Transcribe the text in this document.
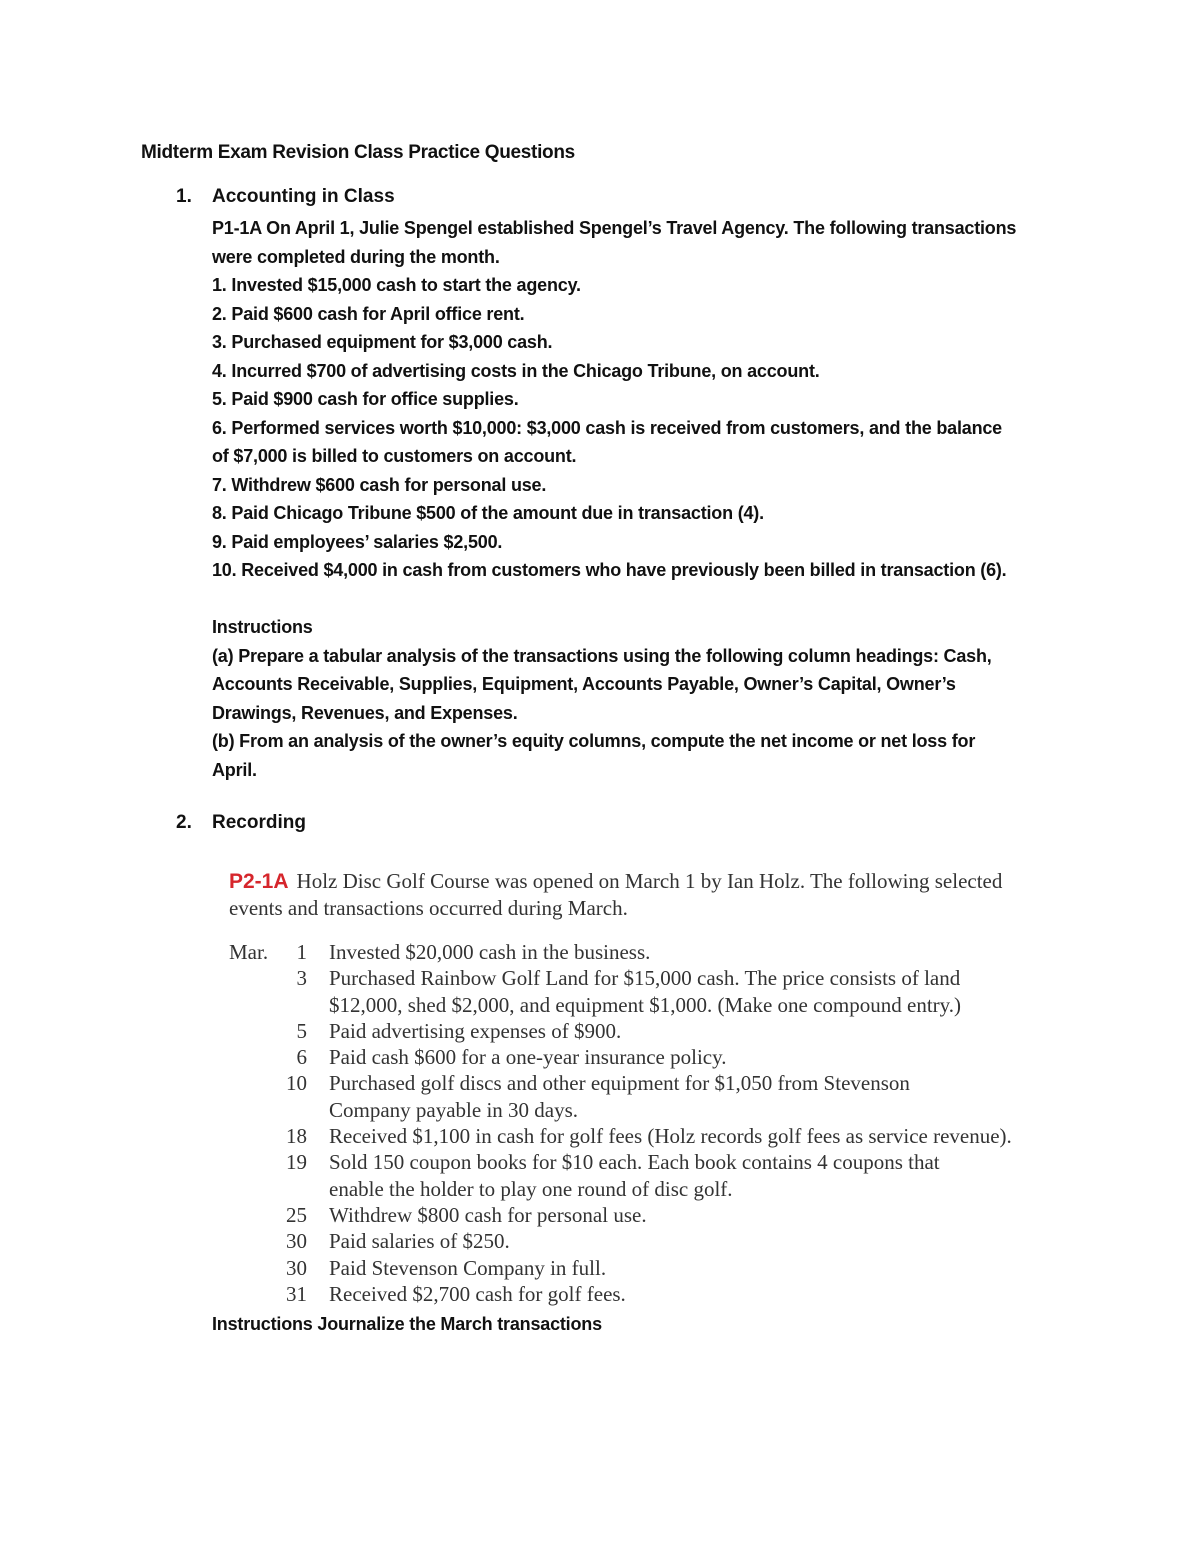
Midterm Exam Revision Class Practice Questions
1. Accounting in Class

P1-1A On April 1, Julie Spengel established Spengel’s Travel Agency. The following transactions

were completed during the month.

1. Invested $15,000 cash to start the agency.

2. Paid $600 cash for April office rent.

3. Purchased equipment for $3,000 cash.

4. Incurred $700 of advertising costs in the Chicago Tribune, on account.

5. Paid $900 cash for office supplies.

6. Performed services worth $10,000: $3,000 cash is received from customers, and the balance

of $7,000 is billed to customers on account.

7. Withdrew $600 cash for personal use.

8. Paid Chicago Tribune $500 of the amount due in transaction (4).

9. Paid employees’ salaries $2,500.

10. Received $4,000 in cash from customers who have previously been billed in transaction (6).

Instructions

(a) Prepare a tabular analysis of the transactions using the following column headings: Cash,

Accounts Receivable, Supplies, Equipment, Accounts Payable, Owner’s Capital, Owner’s

Drawings, Revenues, and Expenses.

(b) From an analysis of the owner’s equity columns, compute the net income or net loss for

April.

2. Recording

P2-1A Holz Disc Golf Course was opened on March 1 by Ian Holz. The following selected

events and transactions occurred during March.

Mar.	1 Invested $20,000 cash in the business.
3 Purchased Rainbow Golf Land for $15,000 cash. The price consists of land
$12,000, shed $2,000, and equipment $1,000. (Make one compound entry.)
5 Paid advertising expenses of $900.
6 Paid cash $600 for a one-year insurance policy.
10 Purchased golf discs and other equipment for $1,050 from Stevenson
Company payable in 30 days.
18 Received $1,100 in cash for golf fees (Holz records golf fees as service revenue).
19 Sold 150 coupon books for $10 each. Each book contains 4 coupons that
enable the holder to play one round of disc golf.
25 Withdrew $800 cash for personal use.
30 Paid salaries of $250.
30 Paid Stevenson Company in full.
31 Received $2,700 cash for golf fees.
Instructions Journalize the March transactions
